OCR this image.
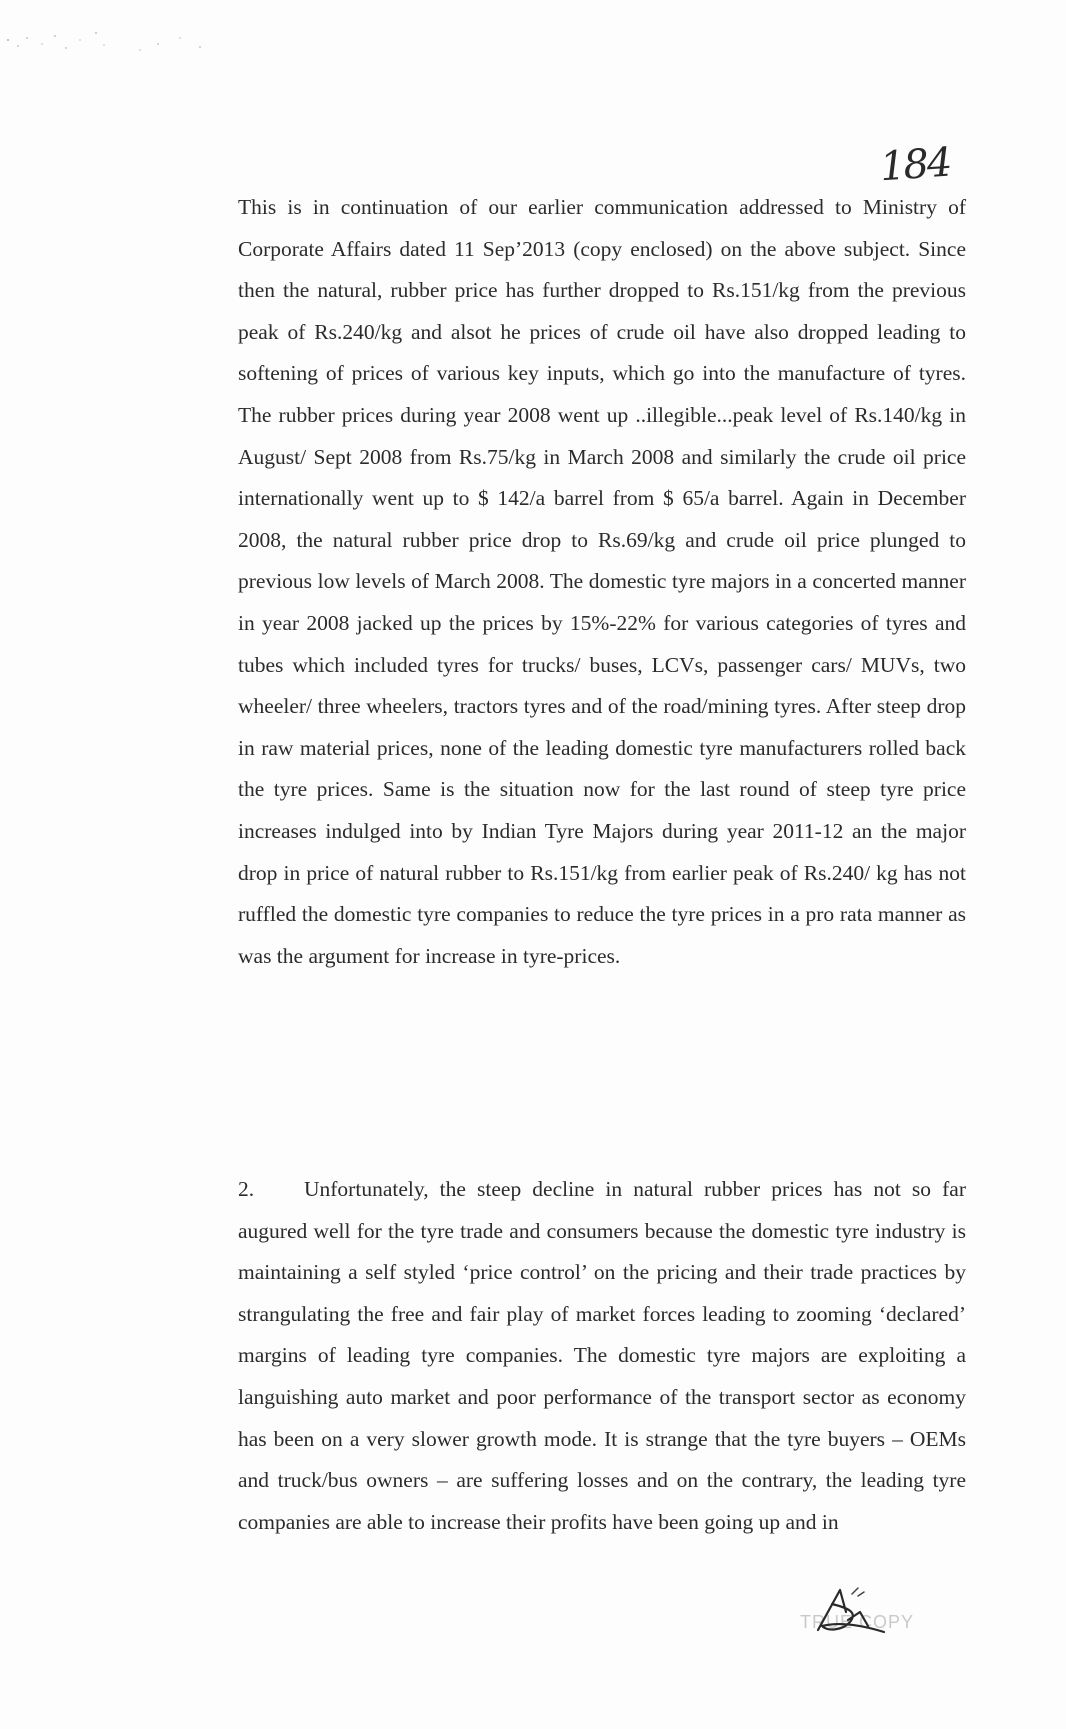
184

This is in continuation of our earlier communication addressed to Ministry of Corporate Affairs dated 11 Sep’2013 (copy enclosed) on the above subject. Since then the natural, rubber price has further dropped to Rs.151/kg from the previous peak of Rs.240/kg and alsot he prices of crude oil have also dropped leading to softening of prices of various key inputs, which go into the manufacture of tyres. The rubber prices during year 2008 went up ..illegible...peak level of Rs.140/kg in August/ Sept 2008 from Rs.75/kg in March 2008 and similarly the crude oil price internationally went up to $ 142/a barrel from $ 65/a barrel. Again in December 2008, the natural rubber price drop to Rs.69/kg and crude oil price plunged to previous low levels of March 2008. The domestic tyre majors in a concerted manner in year 2008 jacked up the prices by 15%-22% for various categories of tyres and tubes which included tyres for trucks/ buses, LCVs, passenger cars/ MUVs, two wheeler/ three wheelers, tractors tyres and of the road/mining tyres. After steep drop in raw material prices, none of the leading domestic tyre manufacturers rolled back the tyre prices. Same is the situation now for the last round of steep tyre price increases indulged into by Indian Tyre Majors during year 2011-12 an the major drop in price of natural rubber to Rs.151/kg from earlier peak of Rs.240/ kg has not ruffled the domestic tyre companies to reduce the tyre prices in a pro rata manner as was the argument for increase in tyre-prices.

2. Unfortunately, the steep decline in natural rubber prices has not so far augured well for the tyre trade and consumers because the domestic tyre industry is maintaining a self styled ‘price control’ on the pricing and their trade practices by strangulating the free and fair play of market forces leading to zooming ‘declared’ margins of leading tyre companies. The domestic tyre majors are exploiting a languishing auto market and poor performance of the transport sector as economy has been on a very slower growth mode. It is strange that the tyre buyers – OEMs and truck/bus owners – are suffering losses and on the contrary, the leading tyre companies are able to increase their profits have been going up and in

TRUE COPY
